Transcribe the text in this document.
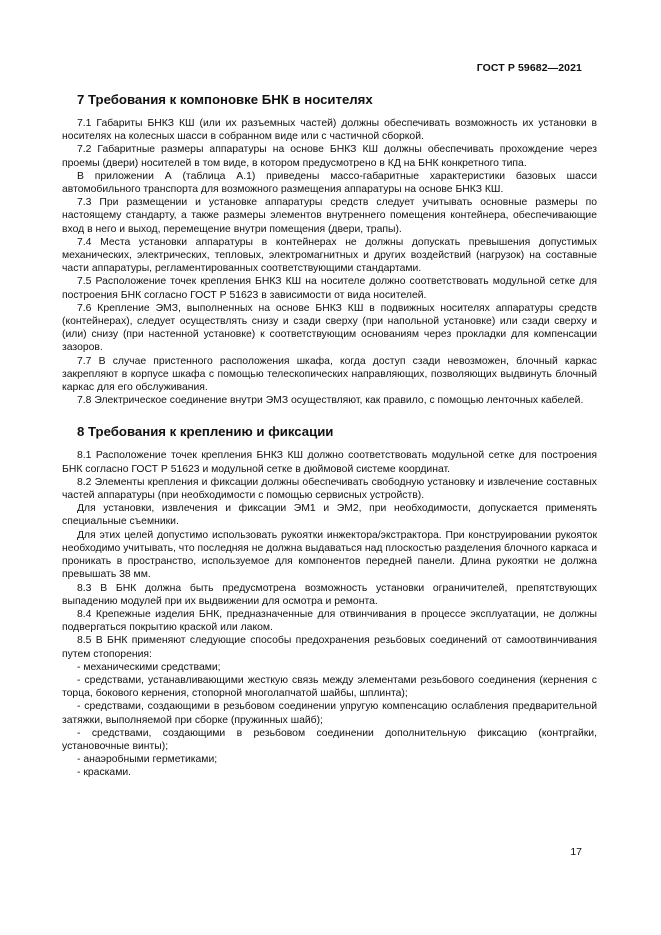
ГОСТ Р 59682—2021
7 Требования к компоновке БНК в носителях

7.1 Габариты БНКЗ КШ (или их разъемных частей) должны обеспечивать возможность их установки в носителях на колесных шасси в собранном виде или с частичной сборкой.

7.2 Габаритные размеры аппаратуры на основе БНКЗ КШ должны обеспечивать прохождение через проемы (двери) носителей в том виде, в котором предусмотрено в КД на БНК конкретного типа.

В приложении А (таблица А.1) приведены массо-габаритные характеристики базовых шасси автомобильного транспорта для возможного размещения аппаратуры на основе БНКЗ КШ.

7.3 При размещении и установке аппаратуры средств следует учитывать основные размеры по настоящему стандарту, а также размеры элементов внутреннего помещения контейнера, обеспечивающие вход в него и выход, перемещение внутри помещения (двери, трапы).

7.4 Места установки аппаратуры в контейнерах не должны допускать превышения допустимых механических, электрических, тепловых, электромагнитных и других воздействий (нагрузок) на составные части аппаратуры, регламентированных соответствующими стандартами.

7.5 Расположение точек крепления БНКЗ КШ на носителе должно соответствовать модульной сетке для построения БНК согласно ГОСТ Р 51623 в зависимости от вида носителей.

7.6 Крепление ЭМЗ, выполненных на основе БНКЗ КШ в подвижных носителях аппаратуры средств (контейнерах), следует осуществлять снизу и сзади сверху (при напольной установке) или сзади сверху и (или) снизу (при настенной установке) к соответствующим основаниям через прокладки для компенсации зазоров.

7.7 В случае пристенного расположения шкафа, когда доступ сзади невозможен, блочный каркас закрепляют в корпусе шкафа с помощью телескопических направляющих, позволяющих выдвинуть блочный каркас для его обслуживания.

7.8 Электрическое соединение внутри ЭМЗ осуществляют, как правило, с помощью ленточных кабелей.

8 Требования к креплению и фиксации

8.1 Расположение точек крепления БНКЗ КШ должно соответствовать модульной сетке для построения БНК согласно ГОСТ Р 51623 и модульной сетке в дюймовой системе координат.

8.2 Элементы крепления и фиксации должны обеспечивать свободную установку и извлечение составных частей аппаратуры (при необходимости с помощью сервисных устройств).

Для установки, извлечения и фиксации ЭМ1 и ЭМ2, при необходимости, допускается применять специальные съемники.

Для этих целей допустимо использовать рукоятки инжектора/экстрактора. При конструировании рукояток необходимо учитывать, что последняя не должна выдаваться над плоскостью разделения блочного каркаса и проникать в пространство, используемое для компонентов передней панели. Длина рукоятки не должна превышать 38 мм.

8.3 В БНК должна быть предусмотрена возможность установки ограничителей, препятствующих выпадению модулей при их выдвижении для осмотра и ремонта.

8.4 Крепежные изделия БНК, предназначенные для отвинчивания в процессе эксплуатации, не должны подвергаться покрытию краской или лаком.

8.5 В БНК применяют следующие способы предохранения резьбовых соединений от самоотвинчивания путем стопорения:

- механическими средствами;

- средствами, устанавливающими жесткую связь между элементами резьбового соединения (кернения с торца, бокового кернения, стопорной многолапчатой шайбы, шплинта);

- средствами, создающими в резьбовом соединении упругую компенсацию ослабления предварительной затяжки, выполняемой при сборке (пружинных шайб);

- средствами, создающими в резьбовом соединении дополнительную фиксацию (контргайки, установочные винты);

- анаэробными герметиками;

- красками.

17
